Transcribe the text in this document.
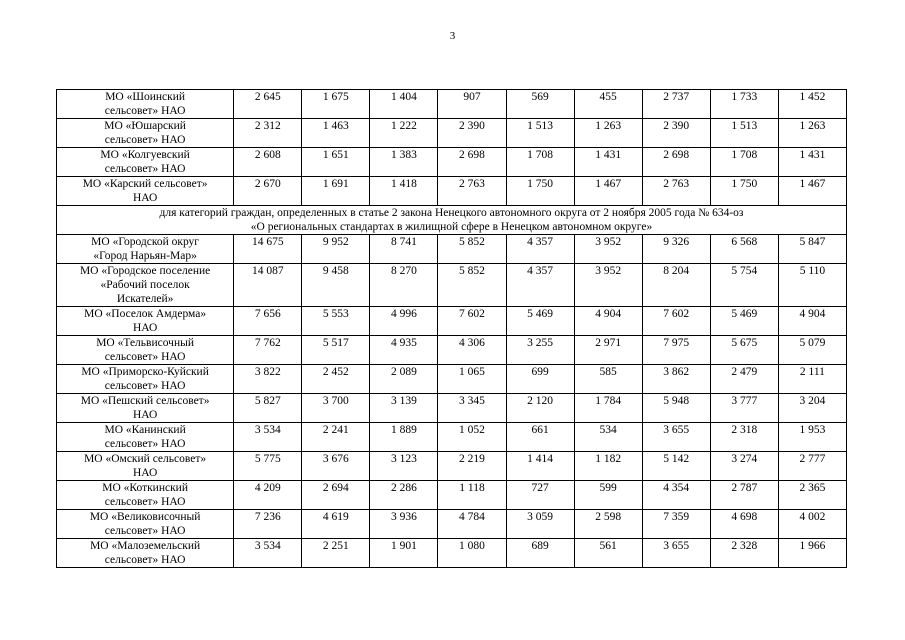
3
МО «Шоинский
сельсовет» НАО	2 645	1 675	1 404	907	569	455	2 737	1 733	1 452
МО «Юшарский
сельсовет» НАО	2 312	1 463	1 222	2 390	1 513	1 263	2 390	1 513	1 263
МО «Колгуевский
сельсовет» НАО	2 608	1 651	1 383	2 698	1 708	1 431	2 698	1 708	1 431
МО «Карский сельсовет»
НАО	2 670	1 691	1 418	2 763	1 750	1 467	2 763	1 750	1 467
для категорий граждан, определенных в статье 2 закона Ненецкого автономного округа от 2 ноября 2005 года № 634-оз
«О региональных стандартах в жилищной сфере в Ненецком автономном округе»									
МО «Городской округ
«Город Нарьян-Мар»	14 675	9 952	8 741	5 852	4 357	3 952	9 326	6 568	5 847
МО «Городское поселение
«Рабочий поселок
Искателей»	14 087	9 458	8 270	5 852	4 357	3 952	8 204	5 754	5 110
МО «Поселок Амдерма»
НАО	7 656	5 553	4 996	7 602	5 469	4 904	7 602	5 469	4 904
МО «Тельвисочный
сельсовет» НАО	7 762	5 517	4 935	4 306	3 255	2 971	7 975	5 675	5 079
МО «Приморско-Куйский
сельсовет» НАО	3 822	2 452	2 089	1 065	699	585	3 862	2 479	2 111
МО «Пешский сельсовет»
НАО	5 827	3 700	3 139	3 345	2 120	1 784	5 948	3 777	3 204
МО «Канинский
сельсовет» НАО	3 534	2 241	1 889	1 052	661	534	3 655	2 318	1 953
МО «Омский сельсовет»
НАО	5 775	3 676	3 123	2 219	1 414	1 182	5 142	3 274	2 777
МО «Коткинский
сельсовет» НАО	4 209	2 694	2 286	1 118	727	599	4 354	2 787	2 365
МО «Великовисочный
сельсовет» НАО	7 236	4 619	3 936	4 784	3 059	2 598	7 359	4 698	4 002
МО «Малоземельский
сельсовет» НАО	3 534	2 251	1 901	1 080	689	561	3 655	2 328	1 966
